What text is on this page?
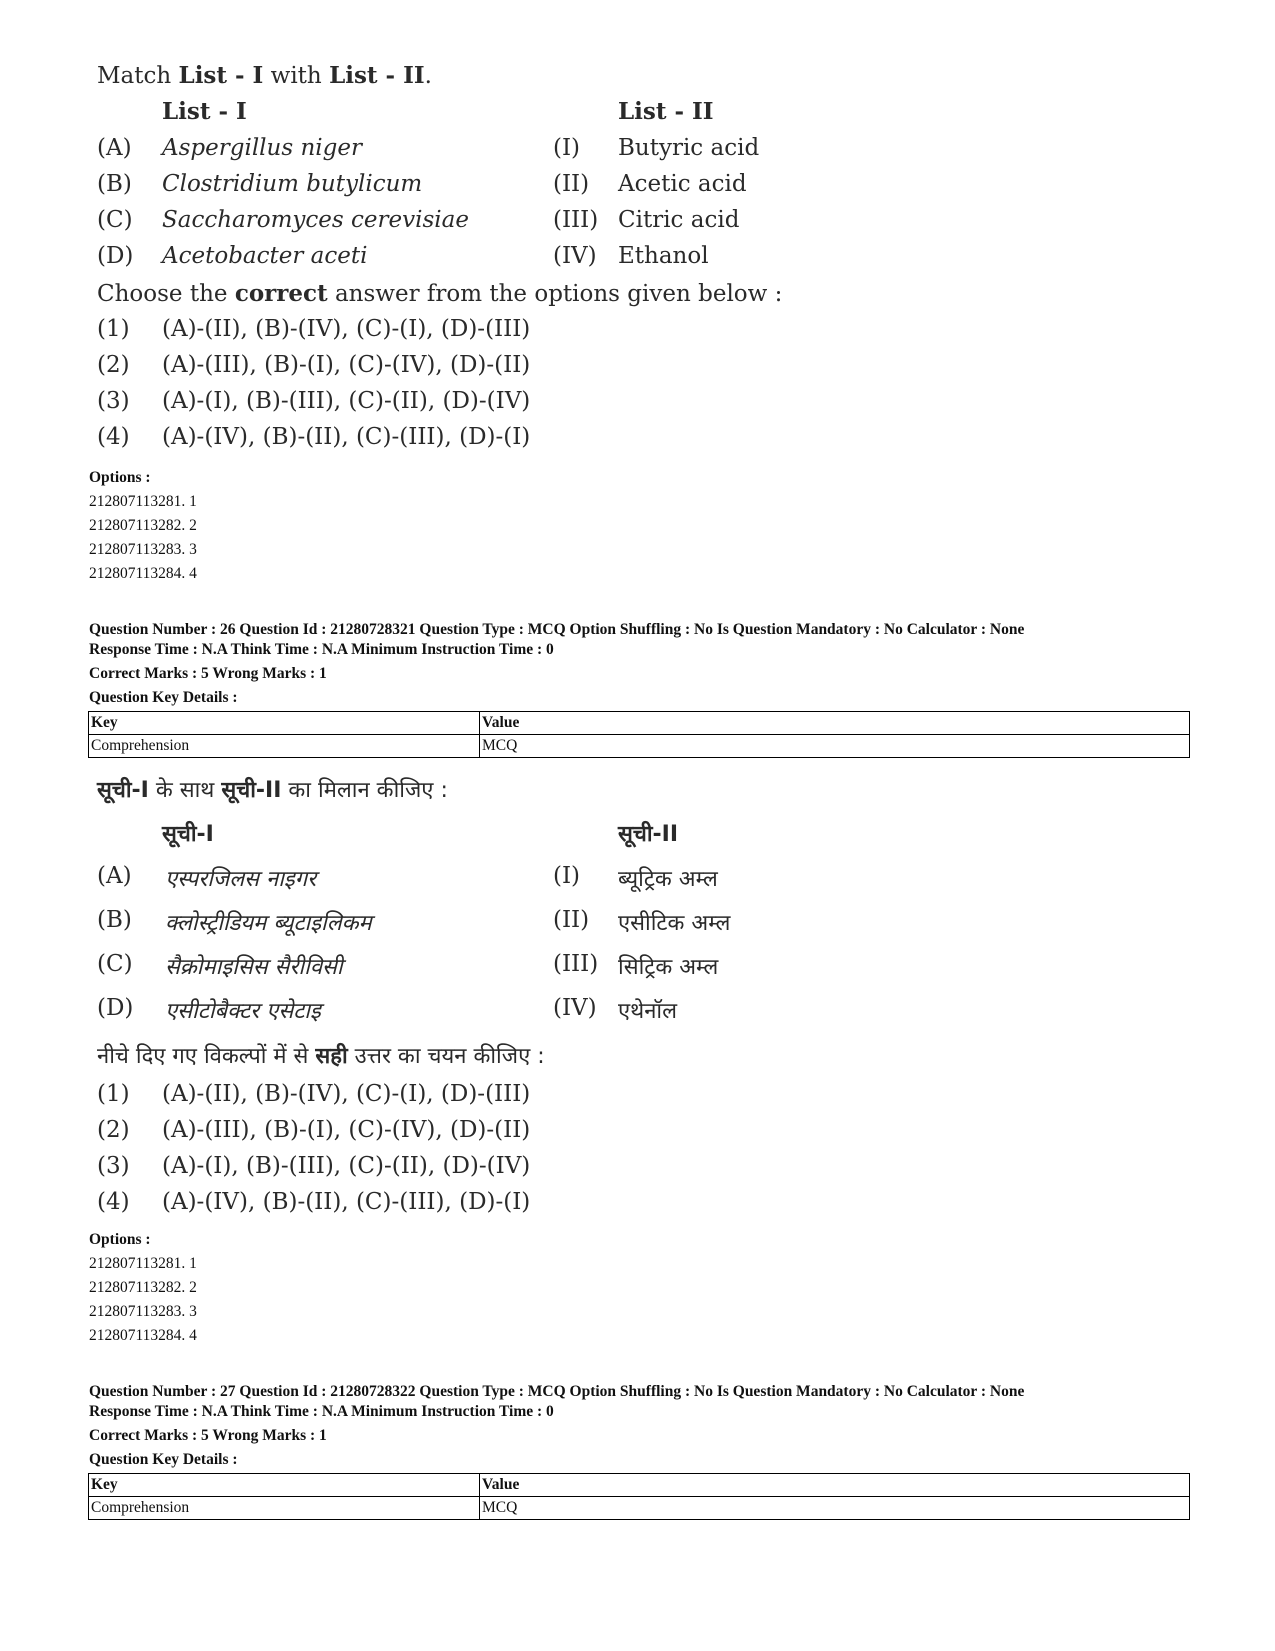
Match List - I with List - II.
List - I	List - II
(A) Aspergillus niger	(I) Butyric acid
(B) Clostridium butylicum	(II) Acetic acid
(C) Saccharomyces cerevisiae	(III) Citric acid
(D) Acetobacter aceti	(IV) Ethanol
Choose the correct answer from the options given below :
(1) (A)-(II), (B)-(IV), (C)-(I), (D)-(III)
(2) (A)-(III), (B)-(I), (C)-(IV), (D)-(II)
(3) (A)-(I), (B)-(III), (C)-(II), (D)-(IV)
(4) (A)-(IV), (B)-(II), (C)-(III), (D)-(I)
Options :
212807113281. 1
212807113282. 2
212807113283. 3
212807113284. 4
Question Number : 26 Question Id : 21280728321 Question Type : MCQ Option Shuffling : No Is Question Mandatory : No Calculator : None
Response Time : N.A Think Time : N.A Minimum Instruction Time : 0
Correct Marks : 5 Wrong Marks : 1
Question Key Details :
Key	Value
Comprehension	MCQ
सूची-I के साथ सूची-II का मिलान कीजिए :
सूची-I	सूची-II
(A) एस्परजिलस नाइगर	(I) ब्यूट्रिक अम्ल
(B) क्लोस्ट्रीडियम ब्यूटाइलिकम	(II) एसीटिक अम्ल
(C) सैक्रोमाइसिस सैरीविसी	(III) सिट्रिक अम्ल
(D) एसीटोबैक्टर एसेटाइ	(IV) एथेनॉल
नीचे दिए गए विकल्पों में से सही उत्तर का चयन कीजिए :
(1) (A)-(II), (B)-(IV), (C)-(I), (D)-(III)
(2) (A)-(III), (B)-(I), (C)-(IV), (D)-(II)
(3) (A)-(I), (B)-(III), (C)-(II), (D)-(IV)
(4) (A)-(IV), (B)-(II), (C)-(III), (D)-(I)
Options :
212807113281. 1
212807113282. 2
212807113283. 3
212807113284. 4
Question Number : 27 Question Id : 21280728322 Question Type : MCQ Option Shuffling : No Is Question Mandatory : No Calculator : None
Response Time : N.A Think Time : N.A Minimum Instruction Time : 0
Correct Marks : 5 Wrong Marks : 1
Question Key Details :
Key	Value
Comprehension	MCQ
